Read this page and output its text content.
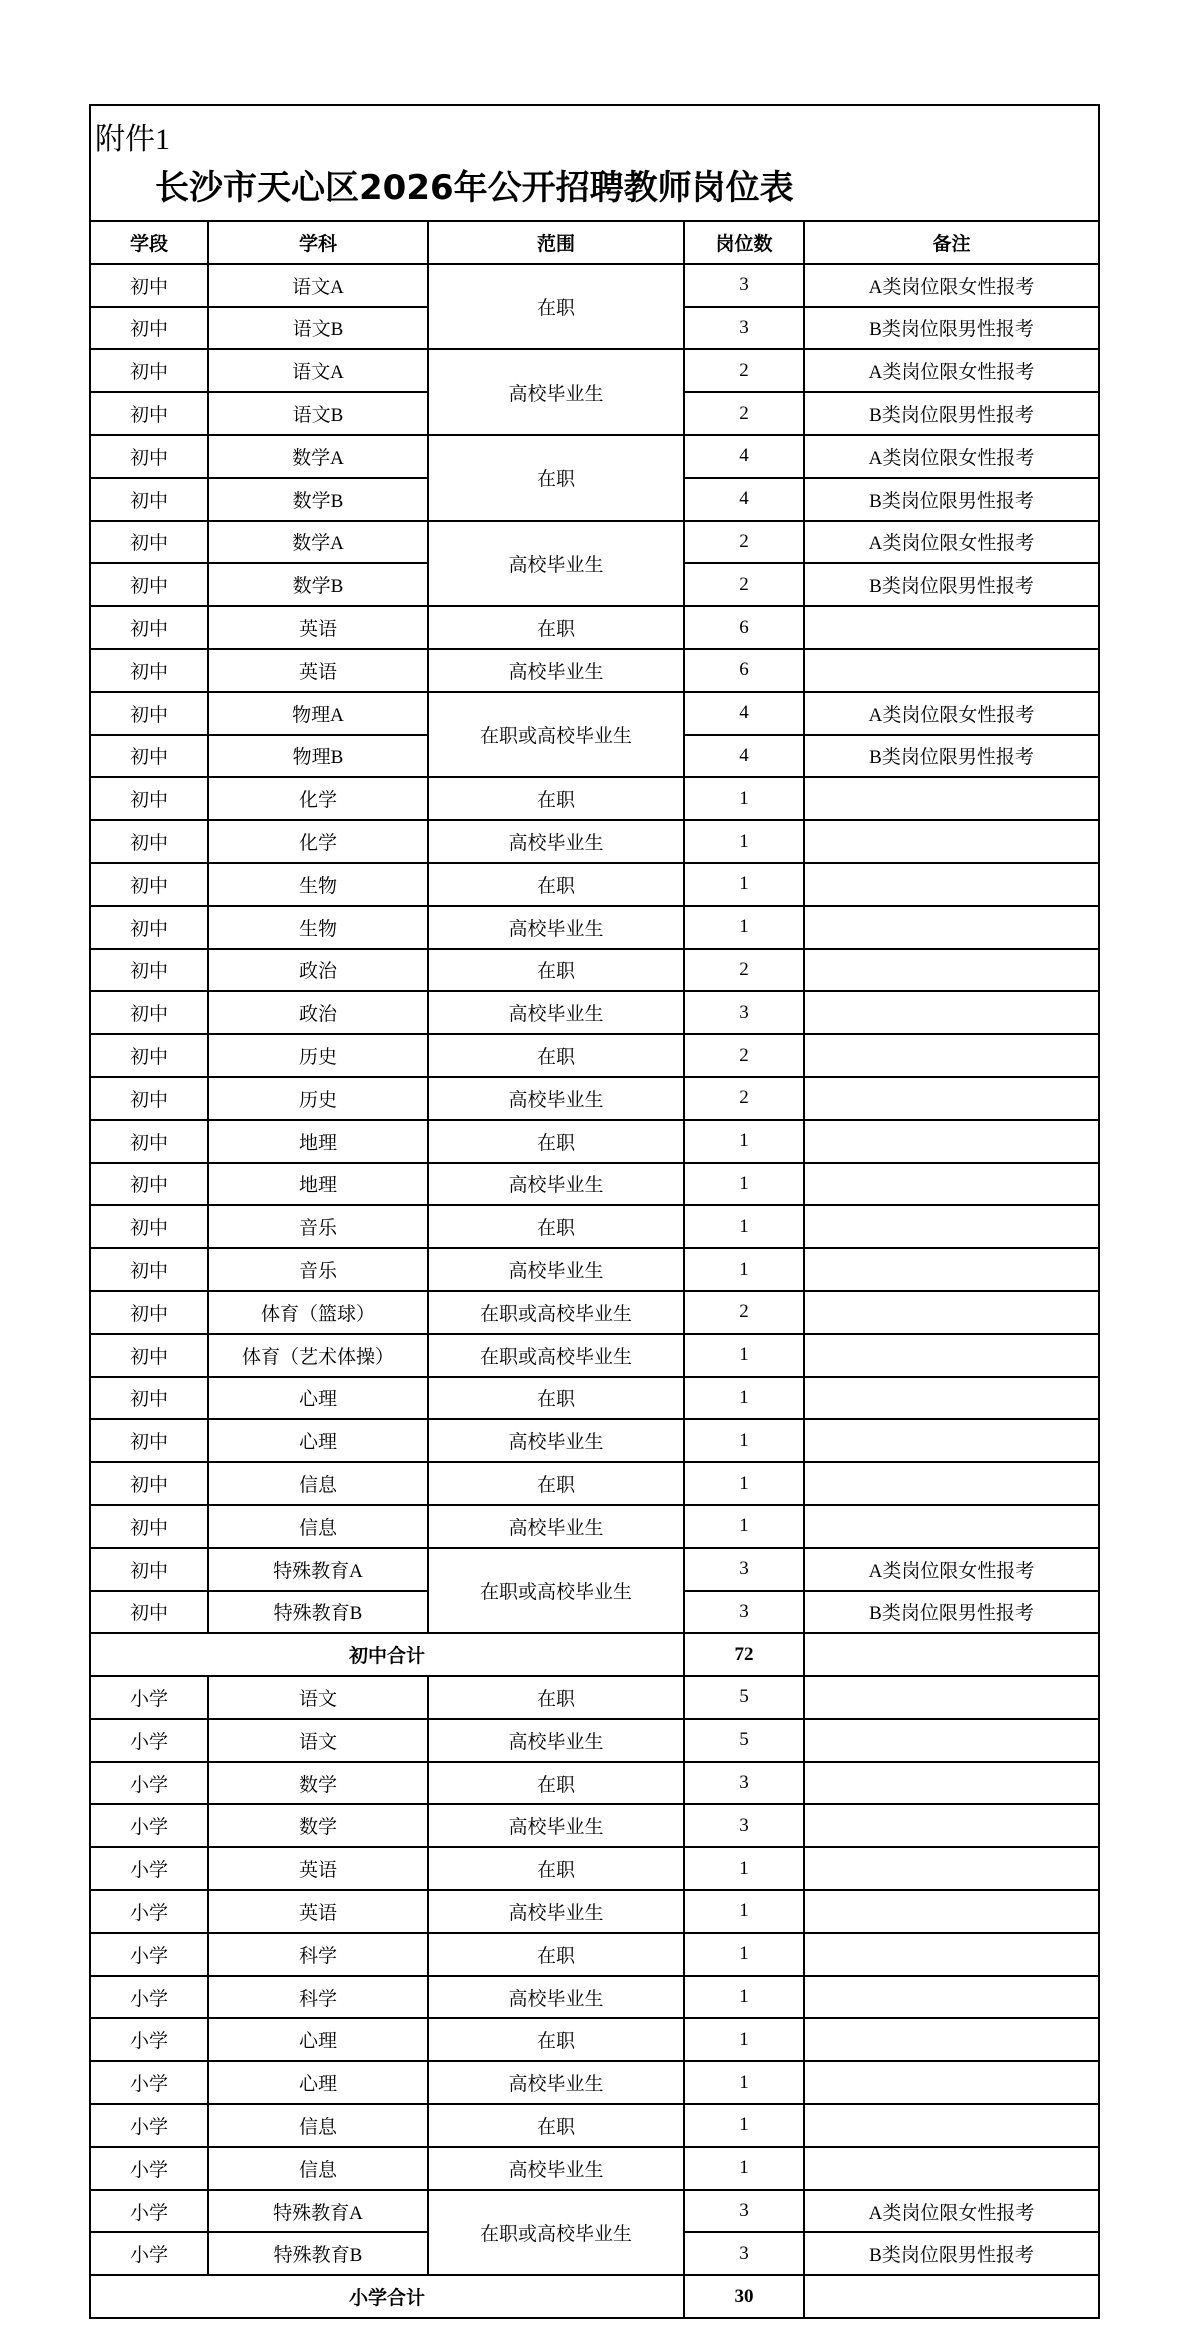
附件1
长沙市天心区2026年公开招聘教师岗位表
学段	学科	范围	岗位数	备注
初中	语文A	在职	3	A类岗位限女性报考
初中	语文B		3	B类岗位限男性报考
初中	语文A	高校毕业生	2	A类岗位限女性报考
初中	语文B		2	B类岗位限男性报考
初中	数学A	在职	4	A类岗位限女性报考
初中	数学B		4	B类岗位限男性报考
初中	数学A	高校毕业生	2	A类岗位限女性报考
初中	数学B		2	B类岗位限男性报考
初中	英语	在职	6	
初中	英语	高校毕业生	6	
初中	物理A	在职或高校毕业生	4	A类岗位限女性报考
初中	物理B		4	B类岗位限男性报考
初中	化学	在职	1	
初中	化学	高校毕业生	1	
初中	生物	在职	1	
初中	生物	高校毕业生	1	
初中	政治	在职	2	
初中	政治	高校毕业生	3	
初中	历史	在职	2	
初中	历史	高校毕业生	2	
初中	地理	在职	1	
初中	地理	高校毕业生	1	
初中	音乐	在职	1	
初中	音乐	高校毕业生	1	
初中	体育（篮球）	在职或高校毕业生	2	
初中	体育（艺术体操）	在职或高校毕业生	1	
初中	心理	在职	1	
初中	心理	高校毕业生	1	
初中	信息	在职	1	
初中	信息	高校毕业生	1	
初中	特殊教育A	在职或高校毕业生	3	A类岗位限女性报考
初中	特殊教育B		3	B类岗位限男性报考
初中合计			72	
小学	语文	在职	5	
小学	语文	高校毕业生	5	
小学	数学	在职	3	
小学	数学	高校毕业生	3	
小学	英语	在职	1	
小学	英语	高校毕业生	1	
小学	科学	在职	1	
小学	科学	高校毕业生	1	
小学	心理	在职	1	
小学	心理	高校毕业生	1	
小学	信息	在职	1	
小学	信息	高校毕业生	1	
小学	特殊教育A	在职或高校毕业生	3	A类岗位限女性报考
小学	特殊教育B		3	B类岗位限男性报考
小学合计			30	
